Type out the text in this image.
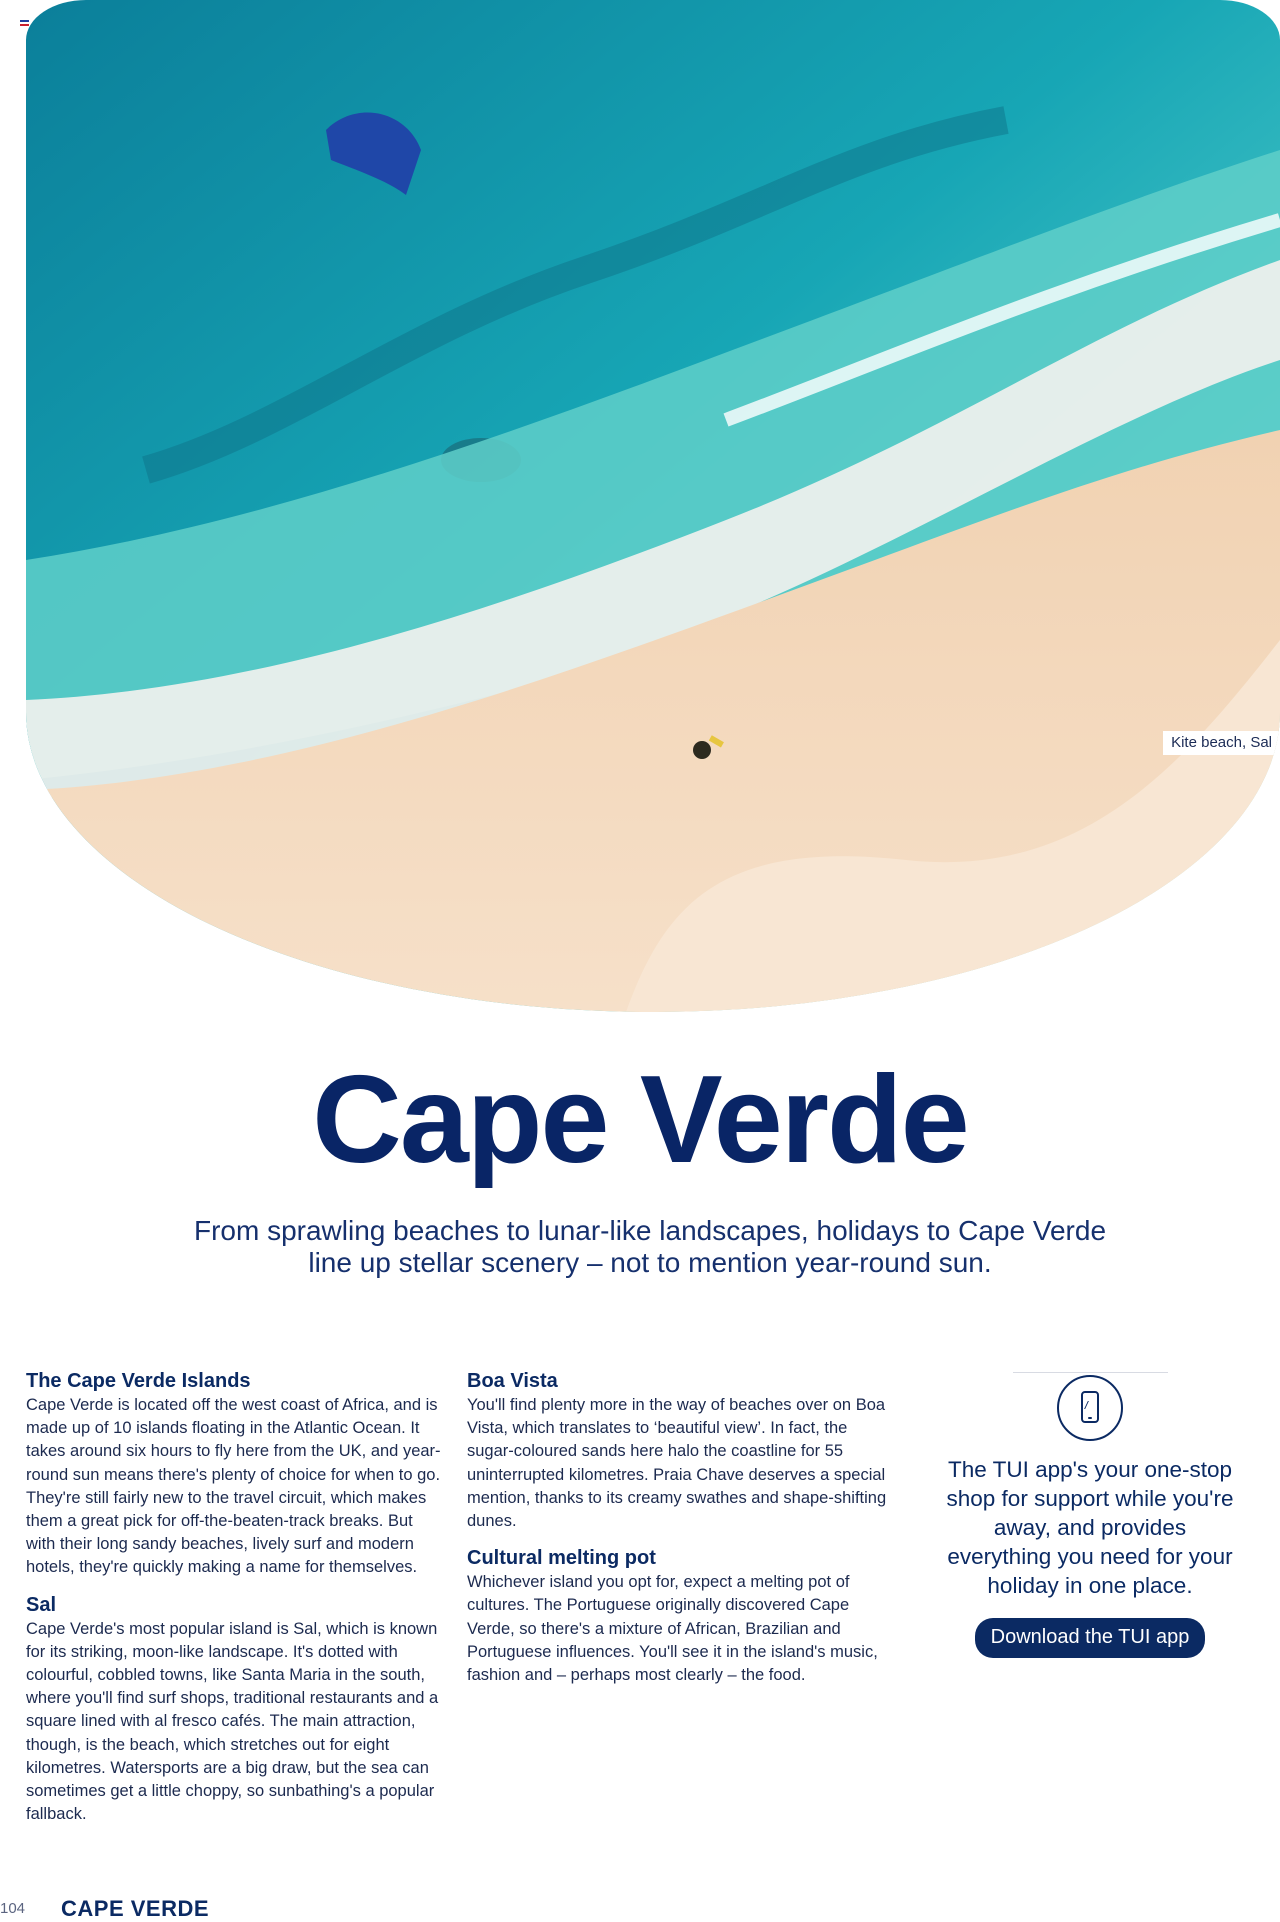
Kite beach, Sal
Cape Verde

From sprawling beaches to lunar-like landscapes, holidays to Cape Verde line up stellar scenery – not to mention year-round sun.

The Cape Verde Islands

Cape Verde is located off the west coast of Africa, and is made up of 10 islands floating in the Atlantic Ocean. It takes around six hours to fly here from the UK, and year-round sun means there's plenty of choice for when to go. They're still fairly new to the travel circuit, which makes them a great pick for off-the-beaten-track breaks. But with their long sandy beaches, lively surf and modern hotels, they're quickly making a name for themselves.

Sal

Cape Verde's most popular island is Sal, which is known for its striking, moon-like landscape. It's dotted with colourful, cobbled towns, like Santa Maria in the south, where you'll find surf shops, traditional restaurants and a square lined with al fresco cafés. The main attraction, though, is the beach, which stretches out for eight kilometres. Watersports are a big draw, but the sea can sometimes get a little choppy, so sunbathing's a popular fallback.

Boa Vista

You'll find plenty more in the way of beaches over on Boa Vista, which translates to ‘beautiful view’. In fact, the sugar-coloured sands here halo the coastline for 55 uninterrupted kilometres. Praia Chave deserves a special mention, thanks to its creamy swathes and shape-shifting dunes.

Cultural melting pot

Whichever island you opt for, expect a melting pot of cultures. The Portuguese originally discovered Cape Verde, so there's a mixture of African, Brazilian and Portuguese influences. You'll see it in the island's music, fashion and – perhaps most clearly – the food.

The TUI app's your one-stop shop for support while you're away, and provides everything you need for your holiday in one place.

Download the TUI app
104 CAPE VERDE
